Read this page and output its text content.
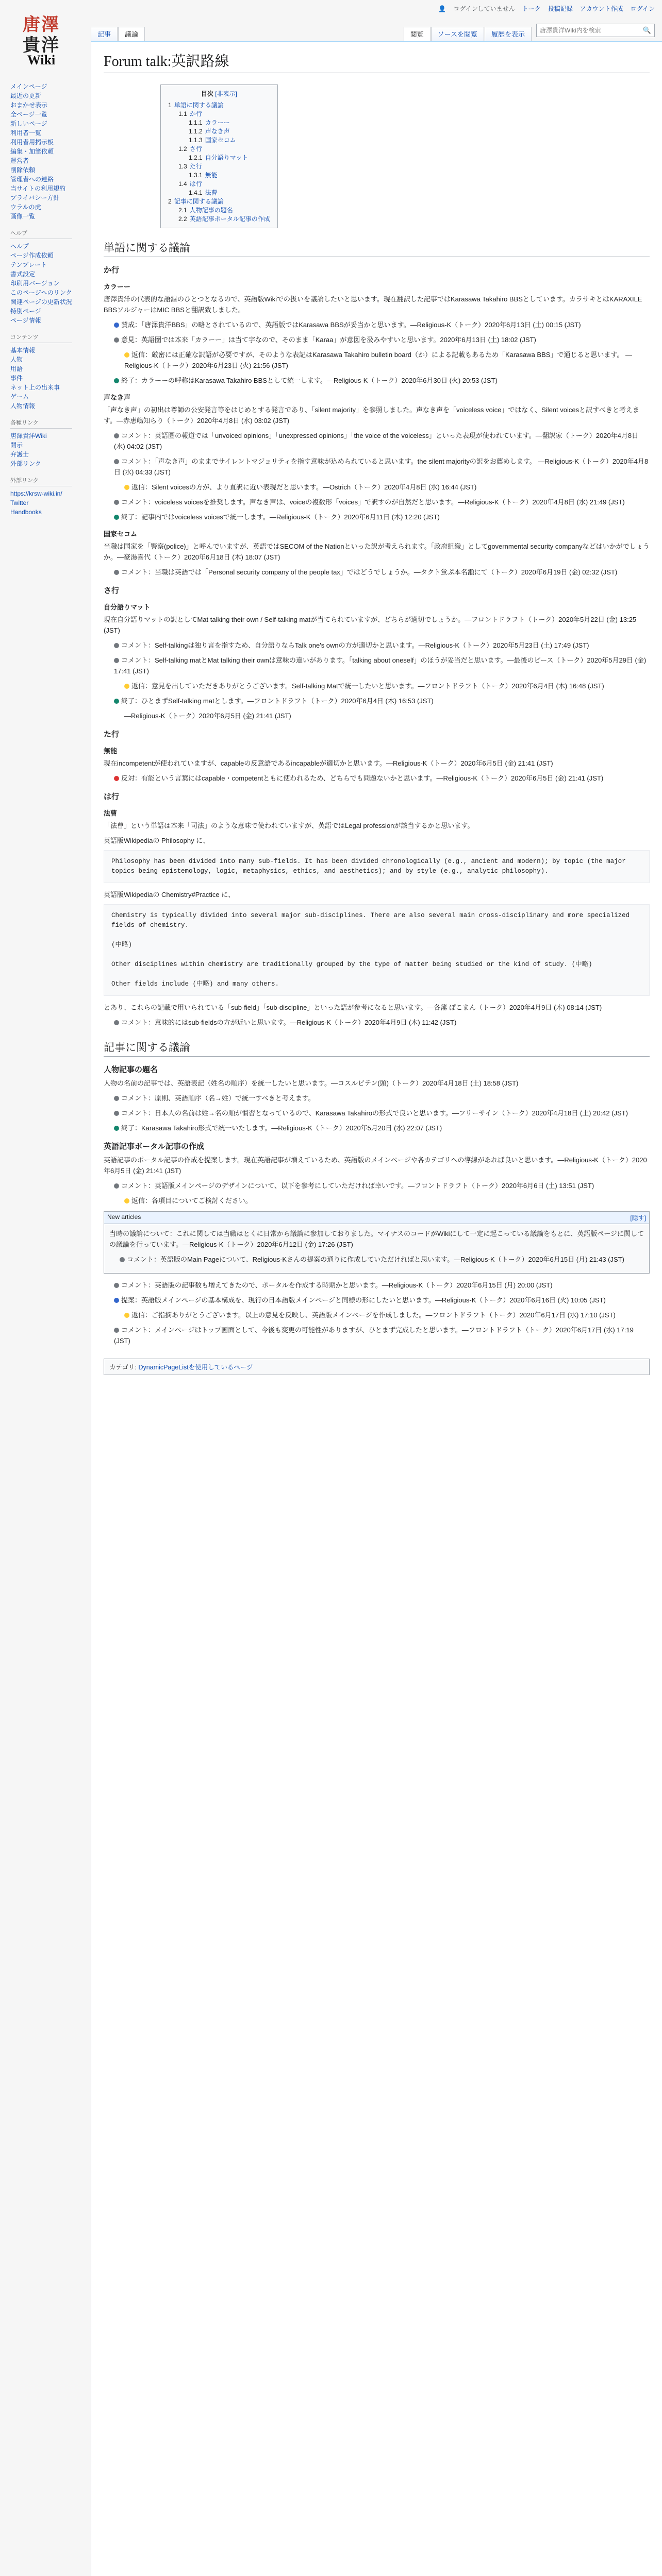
唐澤
貴洋
Wiki
👤 ログインしていません トーク 投稿記録 アカウント作成 ログイン
記事	議論	閲覧	ソースを閲覧	履歴を表示
唐澤貴洋Wiki内を検索
🔍
メインページ
最近の更新
おまかせ表示
全ページ一覧
新しいページ
利用者一覧
利用者用掲示板
編集・加筆依頼
運営者
削除依頼
管理者への連絡
当サイトの利用規約
プライバシー方針
ウラルの虎
画像一覧
ヘルプ
ヘルプ
ページ作成依頼
テンプレート
書式設定
印刷用バージョン
このページへのリンク
関連ページの更新状況
特別ページ
ページ情報
コンテンツ
基本情報
人物
用語
事件
ネット上の出来事
ゲーム
人物情報
各種リンク
唐澤貴洋Wiki
開示
弁護士
外部リンク
外部リンク
https://krsw-wiki.in/
Twitter
Handbooks
Forum talk:英訳路線
目次 [非表示]
1 単語に関する議論
1.1 か行
1.1.1 カラーー
1.1.2 声なき声
1.1.3 国家セコム
1.2 さ行
1.2.1 自分語りマット
1.3 た行
1.3.1 無能
1.4 は行
1.4.1 法曹
2 記事に関する議論
2.1 人物記事の題名
2.2 英語記事ポータル記事の作成
単語に関する議論
か行
カラーー

唐澤貴洋の代表的な語録のひとつとなるので、英語版Wikiでの扱いを議論したいと思います。現在翻訳した記事ではKarasawa Takahiro BBSとしています。カラサキとはKARAXILE BBSソルジャーはMIC BBSと翻訳致しました。

賛成：「唐澤貴洋BBS」の略とされているので、英語版ではKarasawa BBSが妥当かと思います。—Religious-K（トーク）2020年6月13日 (土) 00:15 (JST)

意見：英語圏では本来「カラーー」は当て字なので、そのまま「Karaa」が意図を汲みやすいと思います。2020年6月13日 (土) 18:02 (JST)

返信：厳密には正確な訳語が必要ですが、そのような表記はKarasawa Takahiro bulletin board（か）による記載もあるため「Karasawa BBS」で通じると思います。 —Religious-K（トーク）2020年6月23日 (火) 21:56 (JST)

終了：カラーーの呼称はKarasawa Takahiro BBSとして統一します。—Religious-K（トーク）2020年6月30日 (火) 20:53 (JST)

声なき声

「声なき声」の初出は尊師の公安発言等をはじめとする発言であり、「silent majority」を参照しました。声なき声を「voiceless voice」ではなく、Silent voicesと訳すべきと考えます。—赤恵嶋知らり（トーク）2020年4月8日 (水) 03:02 (JST)

コメント：英語圏の報道では「unvoiced opinions」「unexpressed opinions」「the voice of the voiceless」といった表現が使われています。—翻訳家（トーク）2020年4月8日 (水) 04:02 (JST)

コメント：「声なき声」のままでサイレントマジョリティを指す意味が込められていると思います。the silent majorityの訳をお薦めします。 —Religious-K（トーク）2020年4月8日 (水) 04:33 (JST)

返信：Silent voicesの方が、より直訳に近い表現だと思います。—Ostrich（トーク）2020年4月8日 (水) 16:44 (JST)

コメント：voiceless voicesを推奨します。声なき声は、voiceの複数形「voices」で訳すのが自然だと思います。—Religious-K（トーク）2020年4月8日 (水) 21:49 (JST)

終了：記事内ではvoiceless voicesで統一します。—Religious-K（トーク）2020年6月11日 (木) 12:20 (JST)

国家セコム

当職は国家を「警察(police)」と呼んでいますが、英語ではSECOM of the Nationといった訳が考えられます。「政府組織」としてgovernmental security companyなどはいかがでしょうか。—豪湯喜代（トーク）2020年6月18日 (木) 18:07 (JST)

コメント：当職は英語では「Personal security company of the people tax」ではどうでしょうか。—タクト蛍ぷ本名瀬にて（トーク）2020年6月19日 (金) 02:32 (JST)

さ行
自分語りマット

現在自分語りマットの訳としてMat talking their own / Self-talking matが当てられていますが、どちらが適切でしょうか。—フロントドラフト（トーク）2020年5月22日 (金) 13:25 (JST)

コメント：Self-talkingは独り言を指すため、自分語りならTalk one's ownの方が適切かと思います。—Religious-K（トーク）2020年5月23日 (土) 17:49 (JST)

コメント：Self-talking matとMat talking their ownは意味の違いがあります。「talking about oneself」のほうが妥当だと思います。—最後のピース（トーク）2020年5月29日 (金) 17:41 (JST)

返信：意見を出していただきありがとうございます。Self-talking Matで統一したいと思います。—フロントドラフト（トーク）2020年6月4日 (木) 16:48 (JST)

終了：ひとまずSelf-talking matとします。—フロントドラフト（トーク）2020年6月4日 (木) 16:53 (JST)

—Religious-K（トーク）2020年6月5日 (金) 21:41 (JST)

た行
無能

現在incompetentが使われていますが、capableの反意語であるincapableが適切かと思います。—Religious-K（トーク）2020年6月5日 (金) 21:41 (JST)

反対：有能という言葉にはcapable・competentともに使われるため、どちらでも問題ないかと思います。—Religious-K（トーク）2020年6月5日 (金) 21:41 (JST)

は行
法曹

「法曹」という単語は本来「司法」のような意味で使われていますが、英語ではLegal professionが該当するかと思います。

英語版Wikipediaの Philosophy に、

Philosophy has been divided into many sub-fields. It has been divided chronologically (e.g., ancient and modern); by topic (the major topics being epistemology, logic, metaphysics, ethics, and aesthetics); and by style (e.g., analytic philosophy).

英語版Wikipediaの Chemistry#Practice に、

Chemistry is typically divided into several major sub-disciplines. There are also several main cross-disciplinary and more specialized fields of chemistry.

(中略)

Other disciplines within chemistry are traditionally grouped by the type of matter being studied or the kind of study. (中略)

Other fields include (中略) and many others.

とあり、これらの記載で用いられている「sub-field」「sub-discipline」といった語が参考になると思います。—各藩 ぽこまん（トーク）2020年4月9日 (木) 08:14 (JST)

コメント：意味的にはsub-fieldsの方が近いと思います。—Religious-K（トーク）2020年4月9日 (木) 11:42 (JST)

記事に関する議論
人物記事の題名

人物の名前の記事では、英語表記（姓名の順序）を統一したいと思います。—コスルビテン(頭)（トーク）2020年4月18日 (土) 18:58 (JST)

コメント：原則、英語順序（名→姓）で統一すべきと考えます。

コメント：日本人の名前は姓→名の順が慣習となっているので、Karasawa Takahiroの形式で良いと思います。—フリーサイン（トーク）2020年4月18日 (土) 20:42 (JST)

終了：Karasawa Takahiro形式で統一いたします。—Religious-K（トーク）2020年5月20日 (水) 22:07 (JST)

英語記事ポータル記事の作成

英語記事のポータル記事の作成を提案します。現在英語記事が増えているため、英語版のメインページや各カテゴリへの導線があれば良いと思います。—Religious-K（トーク）2020年6月5日 (金) 21:41 (JST)

コメント：英語版メインページのデザインについて、以下を参考にしていただければ幸いです。—フロントドラフト（トーク）2020年6月6日 (土) 13:51 (JST)

返信：各項目についてご検討ください。

New articles	[隠す]

当時の議論について：これに関しては当職はとくに日常から議論に参加しておりました。マイナスのコードがWikiにして一定に起こっている議論をもとに、英語版ページに関しての議論を行っています。—Religious-K（トーク）2020年6月12日 (金) 17:26 (JST)

コメント：英語版のMain Pageについて、Religious-Kさんの提案の通りに作成していただければと思います。—Religious-K（トーク）2020年6月15日 (月) 21:43 (JST)

コメント：英語版の記事数も増えてきたので、ポータルを作成する時期かと思います。—Religious-K（トーク）2020年6月15日 (月) 20:00 (JST)

提案：英語版メインページの基本構成を、現行の日本語版メインページと同様の形にしたいと思います。—Religious-K（トーク）2020年6月16日 (火) 10:05 (JST)

返信：ご指摘ありがとうございます。以上の意見を反映し、英語版メインページを作成しました。—フロントドラフト（トーク）2020年6月17日 (水) 17:10 (JST)

コメント：メインページはトップ画面として、今後も変更の可能性がありますが、ひとまず完成したと思います。—フロントドラフト（トーク）2020年6月17日 (水) 17:19 (JST)

カテゴリ: DynamicPageListを使用しているページ
